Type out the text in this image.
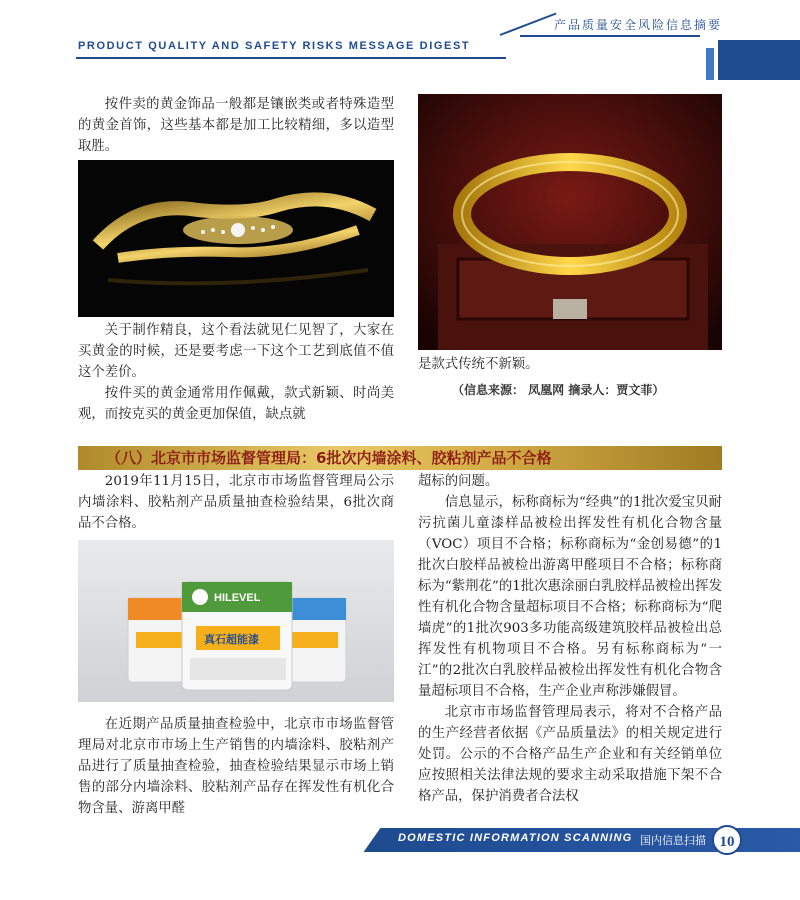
产品质量安全风险信息摘要
PRODUCT QUALITY AND SAFETY RISKS MESSAGE DIGEST

按件卖的黄金饰品一般都是镶嵌类或者特殊造型的黄金首饰，这些基本都是加工比较精细，多以造型取胜。

关于制作精良，这个看法就见仁见智了，大家在买黄金的时候，还是要考虑一下这个工艺到底值不值这个差价。

按件买的黄金通常用作佩戴，款式新颖、时尚美观，而按克买的黄金更加保值，缺点就

是款式传统不新颖。
（信息来源： 凤凰网 摘录人：贾文菲）
（八）北京市市场监督管理局：6批次内墙涂料、胶粘剂产品不合格

2019年11月15日，北京市市场监督管理局公示内墙涂料、胶粘剂产品质量抽查检验结果，6批次商品不合格。

HILEVEL
真石超能漆

在近期产品质量抽查检验中，北京市市场监督管理局对北京市市场上生产销售的内墙涂料、胶粘剂产品进行了质量抽查检验，抽查检验结果显示市场上销售的部分内墙涂料、胶粘剂产品存在挥发性有机化合物含量、游离甲醛

超标的问题。

信息显示，标称商标为“经典”的1批次爱宝贝耐污抗菌儿童漆样品被检出挥发性有机化合物含量（VOC）项目不合格；标称商标为“金创易德”的1批次白胶样品被检出游离甲醛项目不合格；标称商标为“紫荆花”的1批次惠涂丽白乳胶样品被检出挥发性有机化合物含量超标项目不合格；标称商标为“爬墙虎”的1批次903多功能高级建筑胶样品被检出总挥发性有机物项目不合格。另有标称商标为“一江”的2批次白乳胶样品被检出挥发性有机化合物含量超标项目不合格，生产企业声称涉嫌假冒。

北京市市场监督管理局表示，将对不合格产品的生产经营者依据《产品质量法》的相关规定进行处罚。公示的不合格产品生产企业和有关经销单位应按照相关法律法规的要求主动采取措施下架不合格产品，保护消费者合法权

DOMESTIC INFORMATION SCANNING 国内信息扫描 10
